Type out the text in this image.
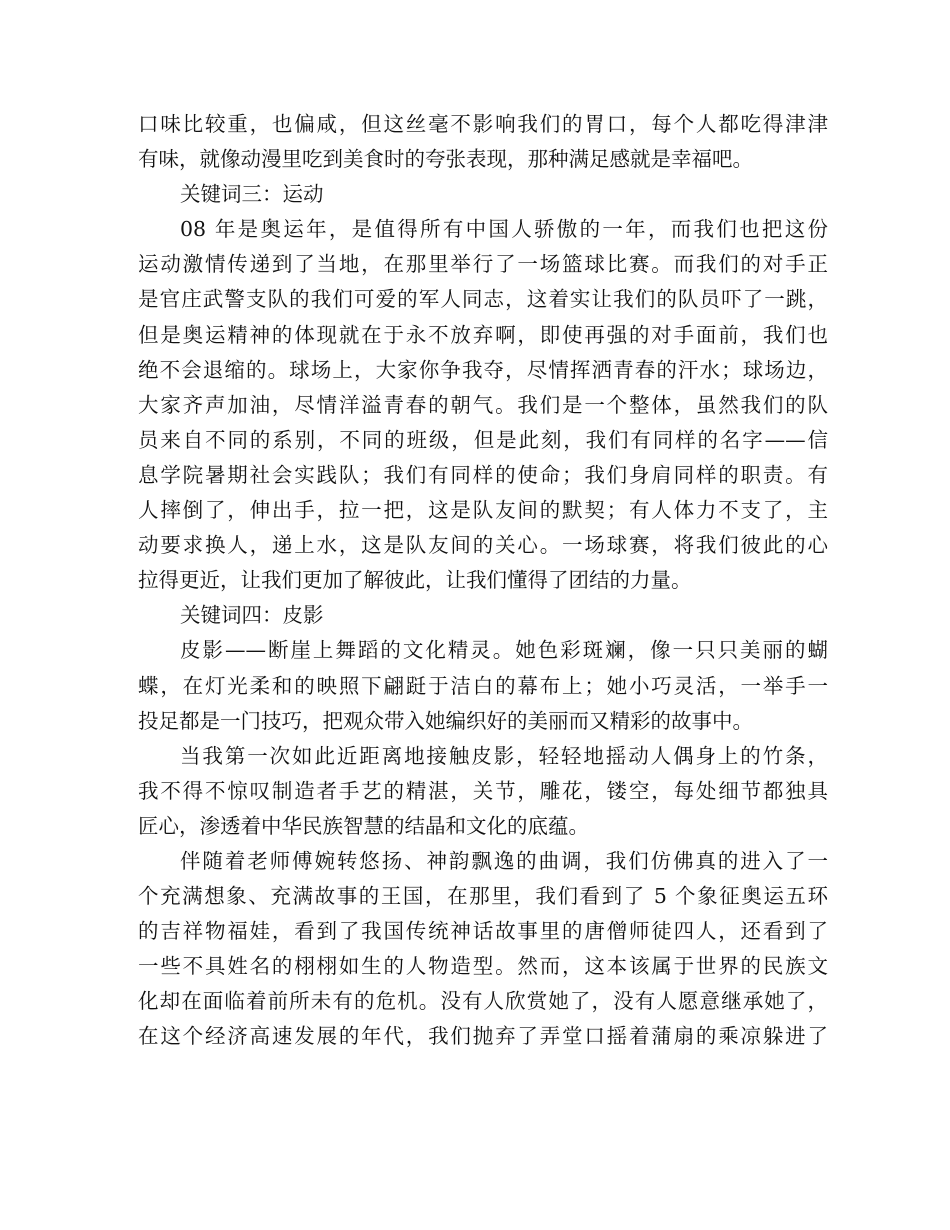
口味比较重，也偏咸，但这丝毫不影响我们的胃口，每个人都吃得津津
有味，就像动漫里吃到美食时的夸张表现，那种满足感就是幸福吧。
关键词三：运动
08 年是奥运年，是值得所有中国人骄傲的一年，而我们也把这份
运动激情传递到了当地，在那里举行了一场篮球比赛。而我们的对手正
是官庄武警支队的我们可爱的军人同志，这着实让我们的队员吓了一跳，
但是奥运精神的体现就在于永不放弃啊，即使再强的对手面前，我们也
绝不会退缩的。球场上，大家你争我夺，尽情挥洒青春的汗水；球场边，
大家齐声加油，尽情洋溢青春的朝气。我们是一个整体，虽然我们的队
员来自不同的系别，不同的班级，但是此刻，我们有同样的名字——信
息学院暑期社会实践队；我们有同样的使命；我们身肩同样的职责。有
人摔倒了，伸出手，拉一把，这是队友间的默契；有人体力不支了，主
动要求换人，递上水，这是队友间的关心。一场球赛，将我们彼此的心
拉得更近，让我们更加了解彼此，让我们懂得了团结的力量。
关键词四：皮影
皮影——断崖上舞蹈的文化精灵。她色彩斑斓，像一只只美丽的蝴
蝶，在灯光柔和的映照下翩跹于洁白的幕布上；她小巧灵活，一举手一
投足都是一门技巧，把观众带入她编织好的美丽而又精彩的故事中。
当我第一次如此近距离地接触皮影，轻轻地摇动人偶身上的竹条，
我不得不惊叹制造者手艺的精湛，关节，雕花，镂空，每处细节都独具
匠心，渗透着中华民族智慧的结晶和文化的底蕴。
伴随着老师傅婉转悠扬、神韵飘逸的曲调，我们仿佛真的进入了一
个充满想象、充满故事的王国，在那里，我们看到了 5 个象征奥运五环
的吉祥物福娃，看到了我国传统神话故事里的唐僧师徒四人，还看到了
一些不具姓名的栩栩如生的人物造型。然而，这本该属于世界的民族文
化却在面临着前所未有的危机。没有人欣赏她了，没有人愿意继承她了，
在这个经济高速发展的年代，我们抛弃了弄堂口摇着蒲扇的乘凉躲进了
